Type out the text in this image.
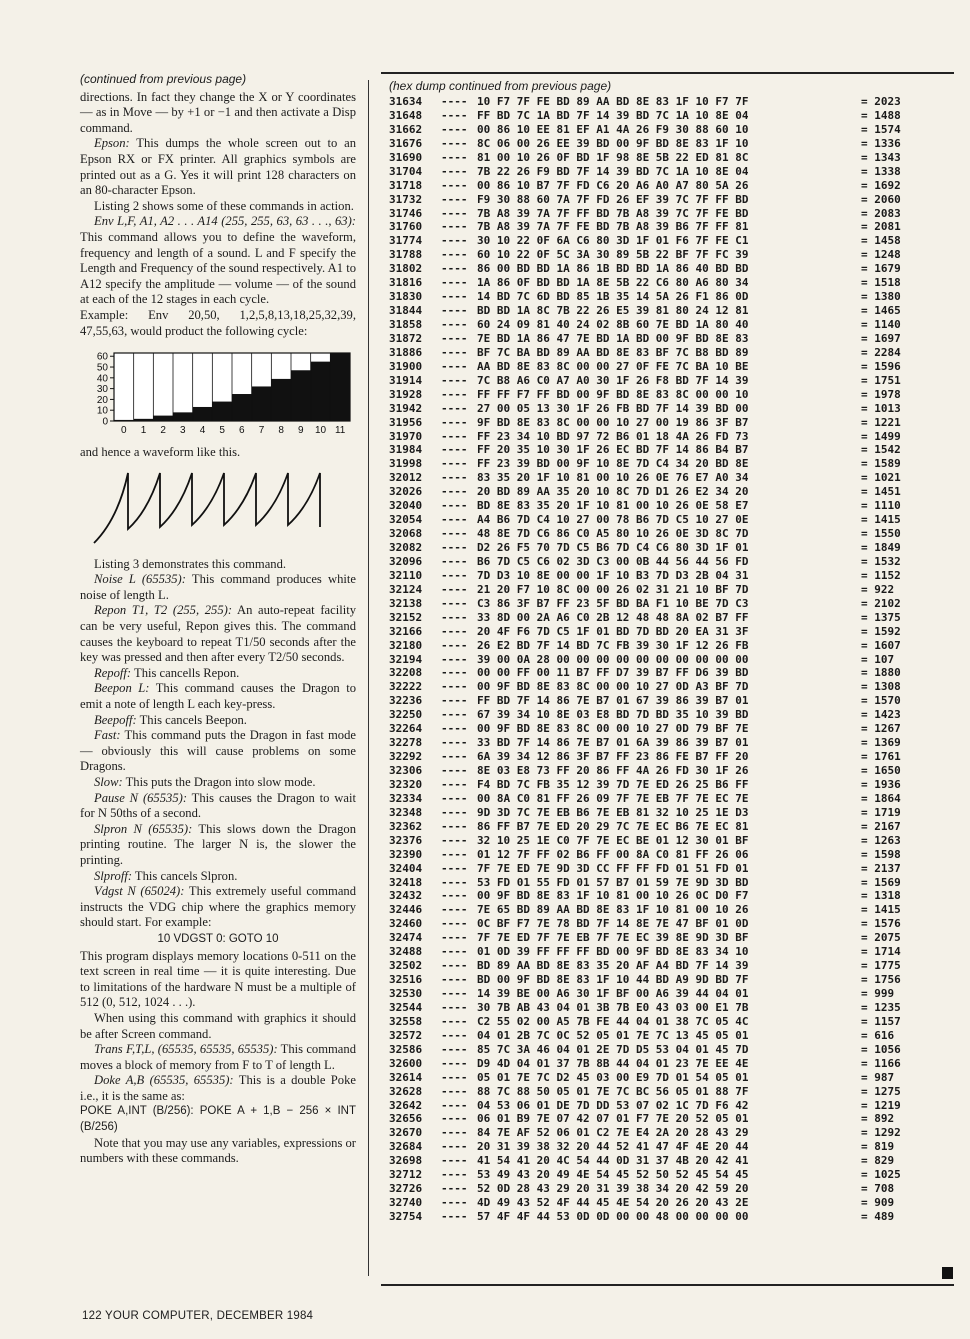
(continued from previous page)

directions. In fact they change the X or Y coordinates — as in Move — by +1 or −1 and then activate a Disp command.

Epson: This dumps the whole screen out to an Epson RX or FX printer. All graphics symbols are printed out as a G. Yes it will print 128 characters on an 80-character Epson.

Listing 2 shows some of these commands in action.

Env L,F, A1, A2 . . . A14 (255, 255, 63, 63 . . ., 63): This command allows you to define the waveform, frequency and length of a sound. L and F specify the Length and Frequency of the sound respectively. A1 to A12 specify the amplitude — volume — of the sound at each of the 12 stages in each cycle.

Example: Env 20,50, 1,2,5,8,13,18,25,32,39, 47,55,63, would product the following cycle:

0
10
20
30
40
50
60
0 1 2 3 4 5 6 7 8 9 10 11

and hence a waveform like this.

Listing 3 demonstrates this command.

Noise L (65535): This command produces white noise of length L.

Repon T1, T2 (255, 255): An auto-repeat facility can be very useful, Repon gives this. The command causes the keyboard to repeat T1/50 seconds after the key was pressed and then after every T2/50 seconds.

Repoff: This cancells Repon.

Beepon L: This command causes the Dragon to emit a note of length L each key-press.

Beepoff: This cancels Beepon.

Fast: This command puts the Dragon in fast mode — obviously this will cause problems on some Dragons.

Slow: This puts the Dragon into slow mode.

Pause N (65535): This causes the Dragon to wait for N 50ths of a second.

Slpron N (65535): This slows down the Dragon printing routine. The larger N is, the slower the printing.

Slproff: This cancels Slpron.

Vdgst N (65024): This extremely useful command instructs the VDG chip where the graphics memory should start. For example:

10 VDGST 0: GOTO 10

This program displays memory locations 0-511 on the text screen in real time — it is quite interesting. Due to limitations of the hardware N must be a multiple of 512 (0, 512, 1024 . . .).

When using this command with graphics it should be after Screen command.

Trans F,T,L, (65535, 65535, 65535): This command moves a block of memory from F to T of length L.

Doke A,B (65535, 65535): This is a double Poke i.e., it is the same as:

POKE A,INT (B/256): POKE A + 1,B − 256 × INT (B/256)

Note that you may use any variables, expressions or numbers with these commands.

(hex dump continued from previous page)
31634	---- 10 F7 7F FE BD 89 AA BD 8E 83 1F 10 F7 7F	= 2023
31648	---- FF BD 7C 1A BD 7F 14 39 BD 7C 1A 10 8E 04	= 1488
31662	---- 00 86 10 EE 81 EF A1 4A 26 F9 30 88 60 10	= 1574
31676	---- 8C 06 00 26 EE 39 BD 00 9F BD 8E 83 1F 10	= 1336
31690	---- 81 00 10 26 0F BD 1F 98 8E 5B 22 ED 81 8C	= 1343
31704	---- 7B 22 26 F9 BD 7F 14 39 BD 7C 1A 10 8E 04	= 1338
31718	---- 00 86 10 B7 7F FD C6 20 A6 A0 A7 80 5A 26	= 1692
31732	---- F9 30 88 60 7A 7F FD 26 EF 39 7C 7F FF BD	= 2060
31746	---- 7B A8 39 7A 7F FF BD 7B A8 39 7C 7F FE BD	= 2083
31760	---- 7B A8 39 7A 7F FE BD 7B A8 39 B6 7F FF 81	= 2081
31774	---- 30 10 22 0F 6A C6 80 3D 1F 01 F6 7F FE C1	= 1458
31788	---- 60 10 22 0F 5C 3A 30 89 5B 22 BF 7F FC 39	= 1248
31802	---- 86 00 BD BD 1A 86 1B BD BD 1A 86 40 BD BD	= 1679
31816	---- 1A 86 0F BD BD 1A 8E 5B 22 C6 80 A6 80 34	= 1518
31830	---- 14 BD 7C 6D BD 85 1B 35 14 5A 26 F1 86 0D	= 1380
31844	---- BD BD 1A 8C 7B 22 26 E5 39 81 80 24 12 81	= 1465
31858	---- 60 24 09 81 40 24 02 8B 60 7E BD 1A 80 40	= 1140
31872	---- 7E BD 1A 86 47 7E BD 1A BD 00 9F BD 8E 83	= 1697
31886	---- BF 7C BA BD 89 AA BD 8E 83 BF 7C B8 BD 89	= 2284
31900	---- AA BD 8E 83 8C 00 00 27 0F FE 7C BA 10 BE	= 1596
31914	---- 7C B8 A6 C0 A7 A0 30 1F 26 F8 BD 7F 14 39	= 1751
31928	---- FF FF F7 FF BD 00 9F BD 8E 83 8C 00 00 10	= 1978
31942	---- 27 00 05 13 30 1F 26 FB BD 7F 14 39 BD 00	= 1013
31956	---- 9F BD 8E 83 8C 00 00 10 27 00 19 86 3F B7	= 1221
31970	---- FF 23 34 10 BD 97 72 B6 01 18 4A 26 FD 73	= 1499
31984	---- FF 20 35 10 30 1F 26 EC BD 7F 14 86 B4 B7	= 1542
31998	---- FF 23 39 BD 00 9F 10 8E 7D C4 34 20 BD 8E	= 1589
32012	---- 83 35 20 1F 10 81 00 10 26 0E 76 E7 A0 34	= 1021
32026	---- 20 BD 89 AA 35 20 10 8C 7D D1 26 E2 34 20	= 1451
32040	---- BD 8E 83 35 20 1F 10 81 00 10 26 0E 58 E7	= 1110
32054	---- A4 B6 7D C4 10 27 00 78 B6 7D C5 10 27 0E	= 1415
32068	---- 48 8E 7D C6 86 C0 A5 80 10 26 0E 3D 8C 7D	= 1550
32082	---- D2 26 F5 70 7D C5 B6 7D C4 C6 80 3D 1F 01	= 1849
32096	---- B6 7D C5 C6 02 3D C3 00 0B 44 56 44 56 FD	= 1532
32110	---- 7D D3 10 8E 00 00 1F 10 B3 7D D3 2B 04 31	= 1152
32124	---- 21 20 F7 10 8C 00 00 26 02 31 21 10 BF 7D	= 922
32138	---- C3 86 3F B7 FF 23 5F BD BA F1 10 BE 7D C3	= 2102
32152	---- 33 8D 00 2A A6 C0 2B 12 48 48 8A 02 B7 FF	= 1375
32166	---- 20 4F F6 7D C5 1F 01 BD 7D BD 20 EA 31 3F	= 1592
32180	---- 26 E2 BD 7F 14 BD 7C FB 39 30 1F 12 26 FB	= 1607
32194	---- 39 00 0A 28 00 00 00 00 00 00 00 00 00 00	= 107
32208	---- 00 00 FF 00 11 B7 FF D7 39 B7 FF D6 39 BD	= 1880
32222	---- 00 9F BD 8E 83 8C 00 00 10 27 0D A3 BF 7D	= 1308
32236	---- FF BD 7F 14 86 7E B7 01 67 39 86 39 B7 01	= 1570
32250	---- 67 39 34 10 8E 03 E8 BD 7D BD 35 10 39 BD	= 1423
32264	---- 00 9F BD 8E 83 8C 00 00 10 27 0D 79 BF 7E	= 1267
32278	---- 33 BD 7F 14 86 7E B7 01 6A 39 86 39 B7 01	= 1369
32292	---- 6A 39 34 12 86 3F B7 FF 23 86 FE B7 FF 20	= 1761
32306	---- 8E 03 E8 73 FF 20 86 FF 4A 26 FD 30 1F 26	= 1650
32320	---- F4 BD 7C FB 35 12 39 7D 7E ED 26 25 B6 FF	= 1936
32334	---- 00 8A C0 81 FF 26 09 7F 7E EB 7F 7E EC 7E	= 1864
32348	---- 9D 3D 7C 7E EB B6 7E EB 81 32 10 25 1E D3	= 1719
32362	---- 86 FF B7 7E ED 20 29 7C 7E EC B6 7E EC 81	= 2167
32376	---- 32 10 25 1E C0 7F 7E EC BE 01 12 30 01 BF	= 1263
32390	---- 01 12 7F FF 02 B6 FF 00 8A C0 81 FF 26 06	= 1598
32404	---- 7F 7E ED 7E 9D 3D CC FF FF FD 01 51 FD 01	= 2137
32418	---- 53 FD 01 55 FD 01 57 B7 01 59 7E 9D 3D BD	= 1569
32432	---- 00 9F BD 8E 83 1F 10 81 00 10 26 0C D0 F7	= 1318
32446	---- 7E 65 BD 89 AA BD 8E 83 1F 10 81 00 10 26	= 1415
32460	---- 0C BF F7 7E 78 BD 7F 14 8E 7E 47 BF 01 0D	= 1576
32474	---- 7F 7E ED 7F 7E EB 7F 7E EC 39 8E 9D 3D BF	= 2075
32488	---- 01 0D 39 FF FF FF BD 00 9F BD 8E 83 34 10	= 1714
32502	---- BD 89 AA BD 8E 83 35 20 AF A4 BD 7F 14 39	= 1775
32516	---- BD 00 9F BD 8E 83 1F 10 44 BD A9 9D BD 7F	= 1756
32530	---- 14 39 BE 00 A6 30 1F BF 00 A6 39 44 04 01	= 999
32544	---- 30 7B AB 43 04 01 3B 7B E0 43 03 00 E1 7B	= 1235
32558	---- C2 55 02 00 A5 7B FE 44 04 01 38 7C 05 4C	= 1157
32572	---- 04 01 2B 7C 0C 52 05 01 7E 7C 13 45 05 01	= 616
32586	---- 85 7C 3A 46 04 01 2E 7D D5 53 04 01 45 7D	= 1056
32600	---- D9 4D 04 01 37 7B 8B 44 04 01 23 7E EE 4E	= 1166
32614	---- 05 01 7E 7C D2 45 03 00 E9 7D 01 54 05 01	= 987
32628	---- 88 7C 88 50 05 01 7E 7C BC 56 05 01 88 7F	= 1275
32642	---- 04 53 06 01 DE 7D DD 53 07 02 1C 7D F6 42	= 1219
32656	---- 06 01 B9 7E 07 42 07 01 F7 7E 20 52 05 01	= 892
32670	---- 84 7E AF 52 06 01 C2 7E E4 2A 20 28 43 29	= 1292
32684	---- 20 31 39 38 32 20 44 52 41 47 4F 4E 20 44	= 819
32698	---- 41 54 41 20 4C 54 44 0D 31 37 4B 20 42 41	= 829
32712	---- 53 49 43 20 49 4E 54 45 52 50 52 45 54 45	= 1025
32726	---- 52 0D 28 43 29 20 31 39 38 34 20 42 59 20	= 708
32740	---- 4D 49 43 52 4F 44 45 4E 54 20 26 20 43 2E	= 909
32754	---- 57 4F 4F 44 53 0D 0D 00 00 48 00 00 00 00	= 489
122 YOUR COMPUTER, DECEMBER 1984
